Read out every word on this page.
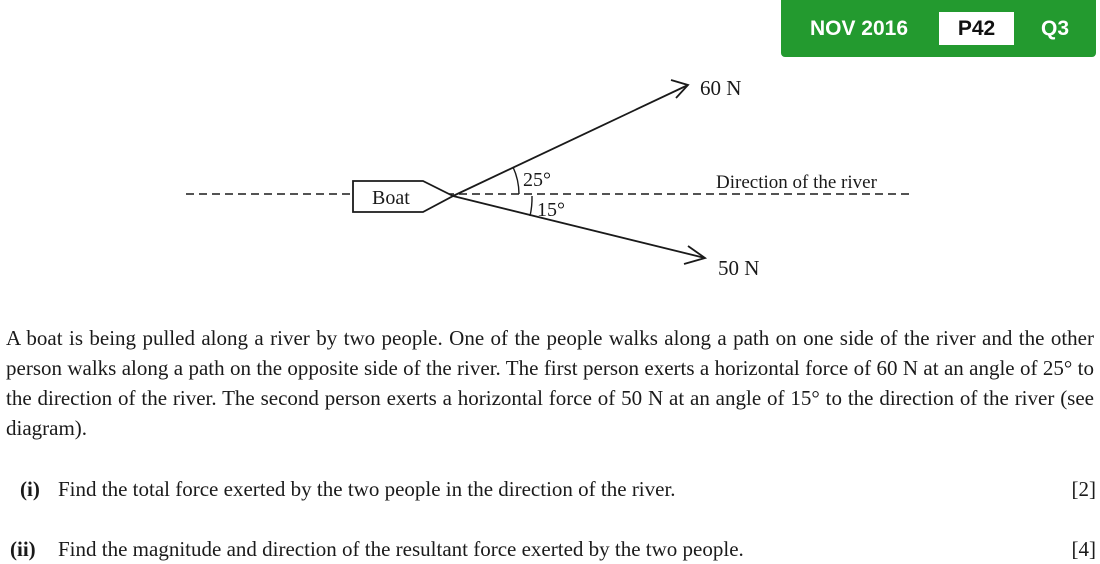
NOV 2016	P42	Q3
Boat
60 N
50 N
25°
15°
Direction of the river

A boat is being pulled along a river by two people. One of the people walks along a path on one side of the river and the other person walks along a path on the opposite side of the river. The first person exerts a horizontal force of 60 N at an angle of 25° to the direction of the river. The second person exerts a horizontal force of 50 N at an angle of 15° to the direction of the river (see diagram).

(i) Find the total force exerted by the two people in the direction of the river.	[2]
(ii) Find the magnitude and direction of the resultant force exerted by the two people.	[4]
